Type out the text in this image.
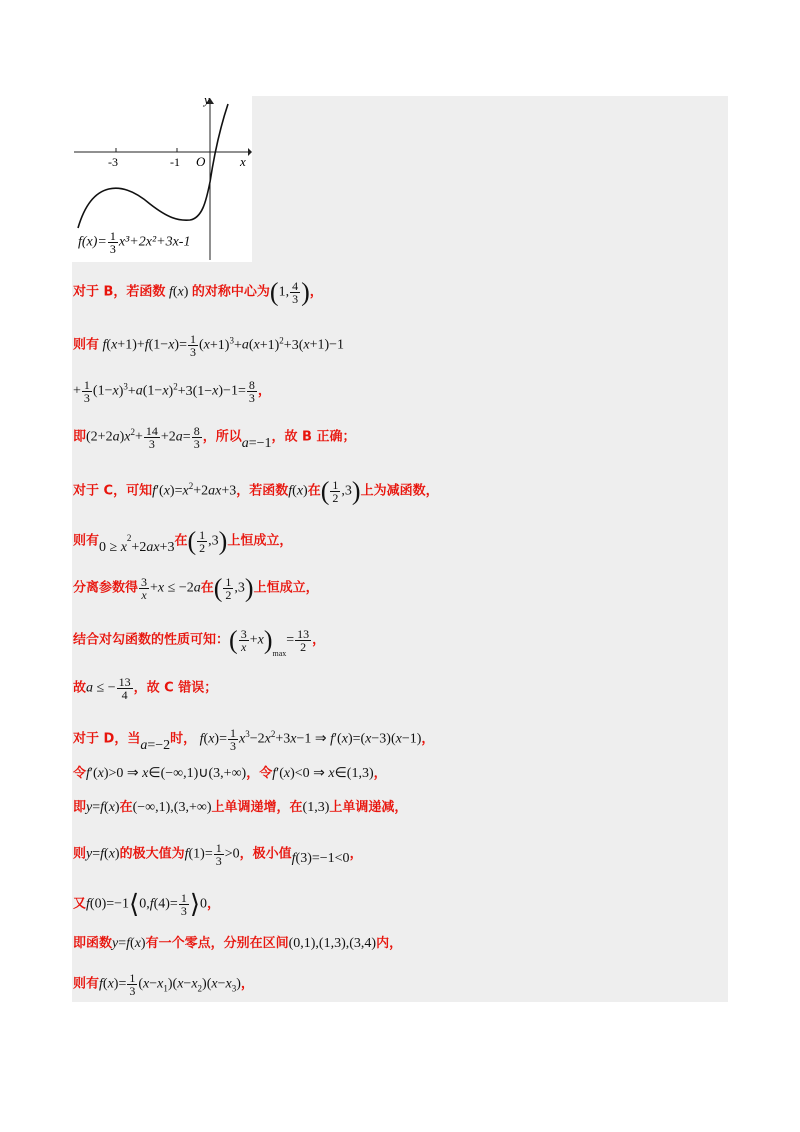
y
x
O
-3	-1
$f(x)= \frac{1}{3} x^3+2x^2+3x-1$
对于 B，若函数 f(x) 的对称中心为(1, $\frac{4}{3}$ )，
则有 $f(x+1)+f(1-x)= \frac{1}{3} (x+1)^3+a(x+1)^2+3(x+1)-1$
+ $\frac{1}{3} (1-x)^3+a(1-x)^2+3(1-x)-1= \frac{8}{3}$ ，
即$(2+2a)x^2+ \frac{14}{3} +2a= \frac{8}{3}$ ，所以a=−1，故 B 正确；
对于 C，可知$f'(x)=x^2+2ax+3$，若函数f(x)在( $\frac{1}{2} ,3$)上为减函数，
则有$0 \ge x^2+2ax+3$在( $\frac{1}{2} ,3$)上恒成立，
分离参数得 $\frac{3}{x} +x \le -2a$在( $\frac{1}{2} ,3$)上恒成立，
结合对勾函数的性质可知：( $\frac{3}{x} +x)_{max}= \frac{13}{2}$ ，
故a ≤ − $\frac{13}{4}$ ，故 C 错误；
对于 D，当a=−2时， $f(x)= \frac{1}{3} x^3-2x^2+3x-1$ ⇒ f′(x)=(x−3)(x−1)，
令f′(x)>0 ⇒ x∈(−∞,1)∪(3,+∞)，令f′(x)<0 ⇒ x∈(1,3)，
即y=f(x)在(−∞,1),(3,+∞)上单调递增，在(1,3)上单调递减，
则y=f(x)的极大值为$f(1)= \frac{1}{3} >0$，极小值f(3)=−1<0，
又f(0)=−1⟨0,f(4)= $\frac{1}{3}$ ⟩0，
即函数y=f(x)有一个零点，分别在区间(0,1),(1,3),(3,4)内，
则有$f(x)= \frac{1}{3} (x-x_1)(x-x_2)(x-x_3)$，
